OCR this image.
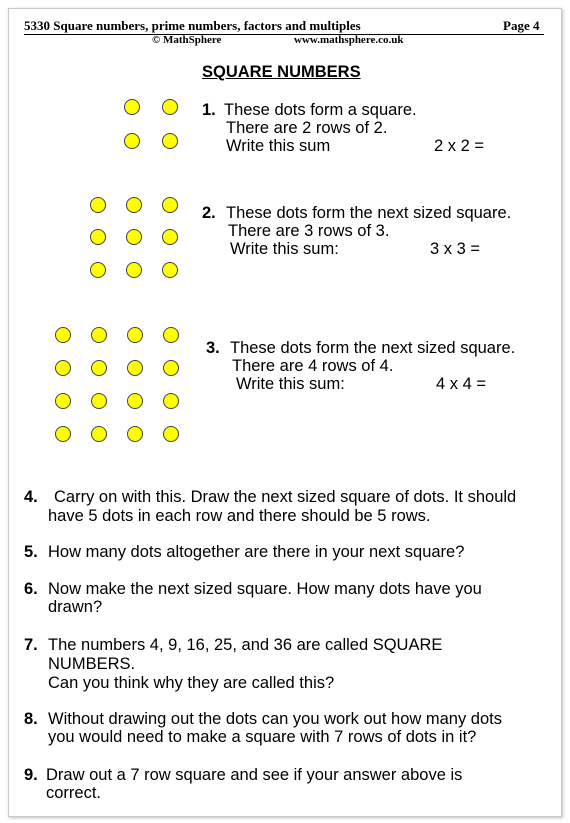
5330 Square numbers, prime numbers, factors and multiples	Page 4
© MathSphere	www.mathsphere.co.uk
SQUARE NUMBERS
1. These dots form a square.
There are 2 rows of 2.
Write this sum	2 x 2 =
2. These dots form the next sized square.
There are 3 rows of 3.
Write this sum:	3 x 3 =
3. These dots form the next sized square.
There are 4 rows of 4.
Write this sum:	4 x 4 =
4. Carry on with this. Draw the next sized square of dots. It should
have 5 dots in each row and there should be 5 rows.
5. How many dots altogether are there in your next square?
6. Now make the next sized square. How many dots have you
drawn?
7. The numbers 4, 9, 16, 25, and 36 are called SQUARE
NUMBERS.
Can you think why they are called this?
8. Without drawing out the dots can you work out how many dots
you would need to make a square with 7 rows of dots in it?
9. Draw out a 7 row square and see if your answer above is
correct.
